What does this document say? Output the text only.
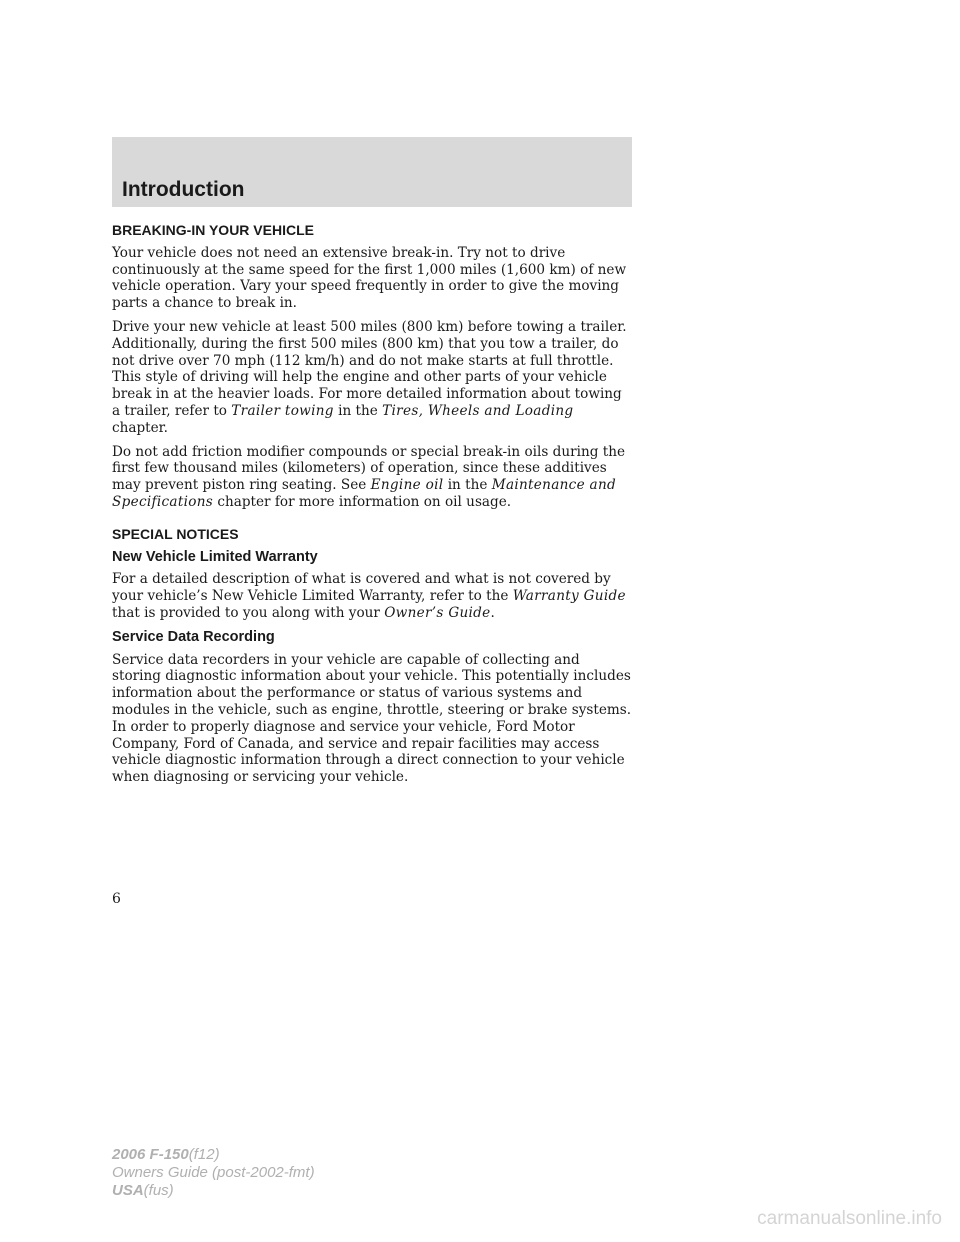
Introduction
BREAKING-IN YOUR VEHICLE

Your vehicle does not need an extensive break-in. Try not to drive continuously at the same speed for the first 1,000 miles (1,600 km) of new vehicle operation. Vary your speed frequently in order to give the moving parts a chance to break in.

Drive your new vehicle at least 500 miles (800 km) before towing a trailer. Additionally, during the first 500 miles (800 km) that you tow a trailer, do not drive over 70 mph (112 km/h) and do not make starts at full throttle. This style of driving will help the engine and other parts of your vehicle break in at the heavier loads. For more detailed information about towing a trailer, refer to Trailer towing in the Tires, Wheels and Loading chapter.

Do not add friction modifier compounds or special break-in oils during the first few thousand miles (kilometers) of operation, since these additives may prevent piston ring seating. See Engine oil in the Maintenance and Specifications chapter for more information on oil usage.

SPECIAL NOTICES
New Vehicle Limited Warranty

For a detailed description of what is covered and what is not covered by your vehicle’s New Vehicle Limited Warranty, refer to the Warranty Guide that is provided to you along with your Owner’s Guide.

Service Data Recording

Service data recorders in your vehicle are capable of collecting and storing diagnostic information about your vehicle. This potentially includes information about the performance or status of various systems and modules in the vehicle, such as engine, throttle, steering or brake systems. In order to properly diagnose and service your vehicle, Ford Motor Company, Ford of Canada, and service and repair facilities may access vehicle diagnostic information through a direct connection to your vehicle when diagnosing or servicing your vehicle.

6
2006 F-150(f12)
Owners Guide (post-2002-fmt)
USA(fus)
carmanualsonline.info
